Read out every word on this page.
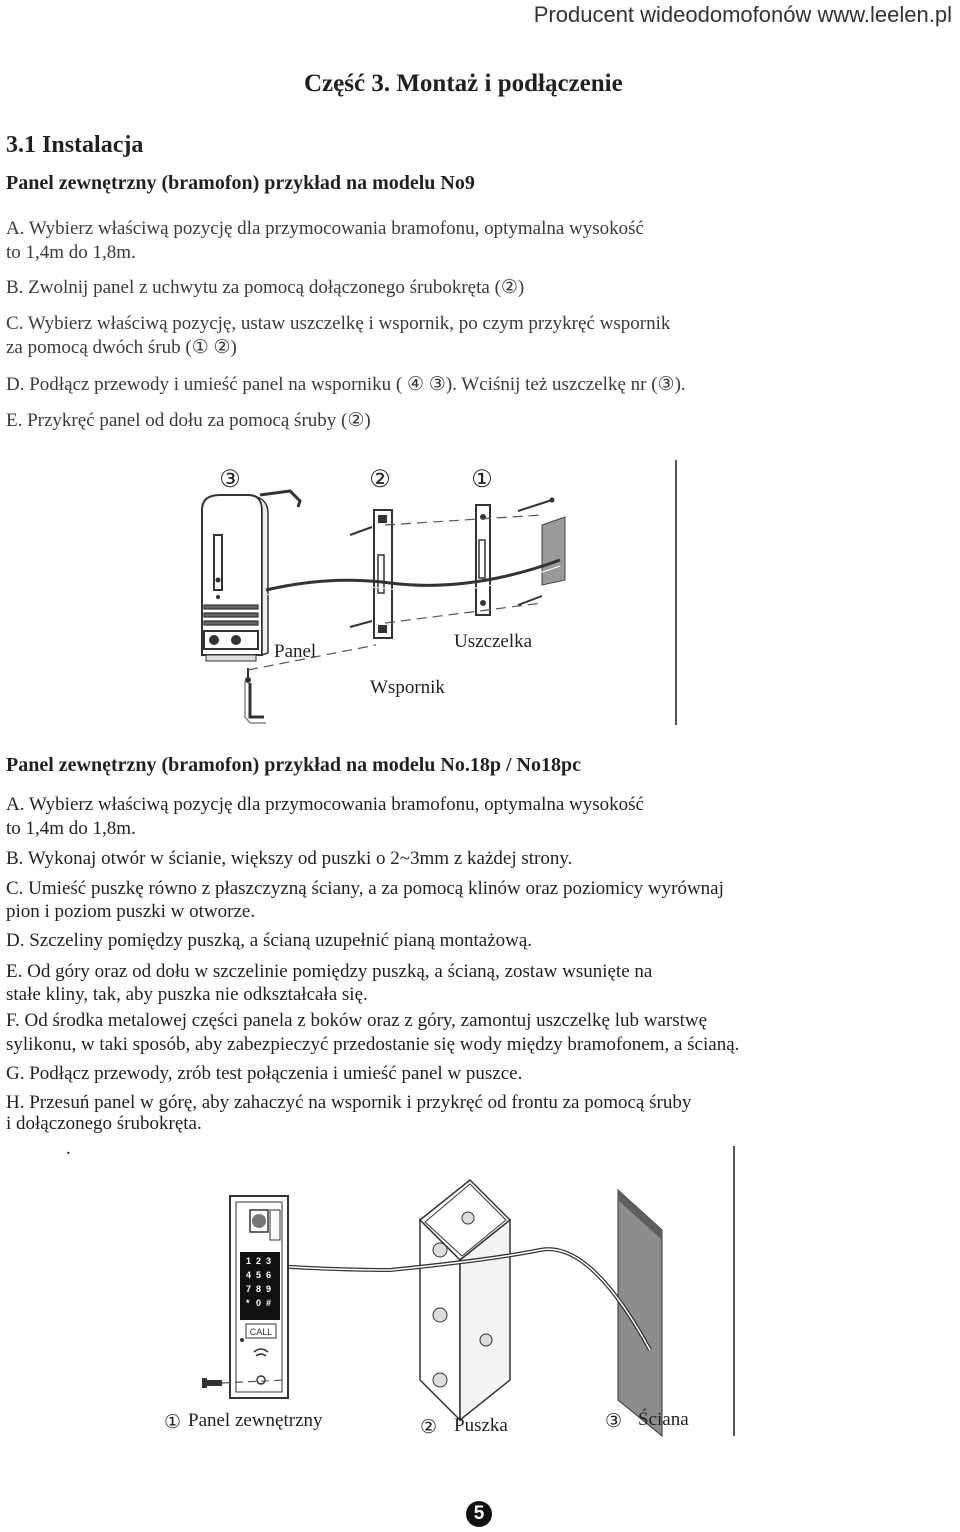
Producent wideodomofonów www.leelen.pl
Część 3. Montaż i podłączenie
3.1 Instalacja
Panel zewnętrzny (bramofon) przykład na modelu No9
A. Wybierz właściwą pozycję dla przymocowania bramofonu, optymalna wysokość
to 1,4m do 1,8m.
B. Zwolnij panel z uchwytu za pomocą dołączonego śrubokręta (②)
C. Wybierz właściwą pozycję, ustaw uszczelkę i wspornik, po czym przykręć wspornik
za pomocą dwóch śrub (① ②)
D. Podłącz przewody i umieść panel na wsporniku ( ④ ③). Wciśnij też uszczelkę nr (③).
E. Przykręć panel od dołu za pomocą śruby (②)
③	②	①
Panel
Wspornik
Uszczelka
Panel zewnętrzny (bramofon) przykład na modelu No.18p / No18pc
A. Wybierz właściwą pozycję dla przymocowania bramofonu, optymalna wysokość
to 1,4m do 1,8m.
B. Wykonaj otwór w ścianie, większy od puszki o 2~3mm z każdej strony.
C. Umieść puszkę równo z płaszczyzną ściany, a za pomocą klinów oraz poziomicy wyrównaj
pion i poziom puszki w otworze.
D. Szczeliny pomiędzy puszką, a ścianą uzupełnić pianą montażową.
E. Od góry oraz od dołu w szczelinie pomiędzy puszką, a ścianą, zostaw wsunięte na
stałe kliny, tak, aby puszka nie odkształcała się.
F. Od środka metalowej części panela z boków oraz z góry, zamontuj uszczelkę lub warstwę
sylikonu, w taki sposób, aby zabezpieczyć przedostanie się wody między bramofonem, a ścianą.
G. Podłącz przewody, zrób test połączenia i umieść panel w puszce.
H. Przesuń panel w górę, aby zahaczyć na wspornik i przykręć od frontu za pomocą śruby
i dołączonego śrubokręta.
.
1 2 3
4 5 6
7 8 9
* 0 #
CALL
① Panel zewnętrzny	② Puszka	③ Ściana
5
